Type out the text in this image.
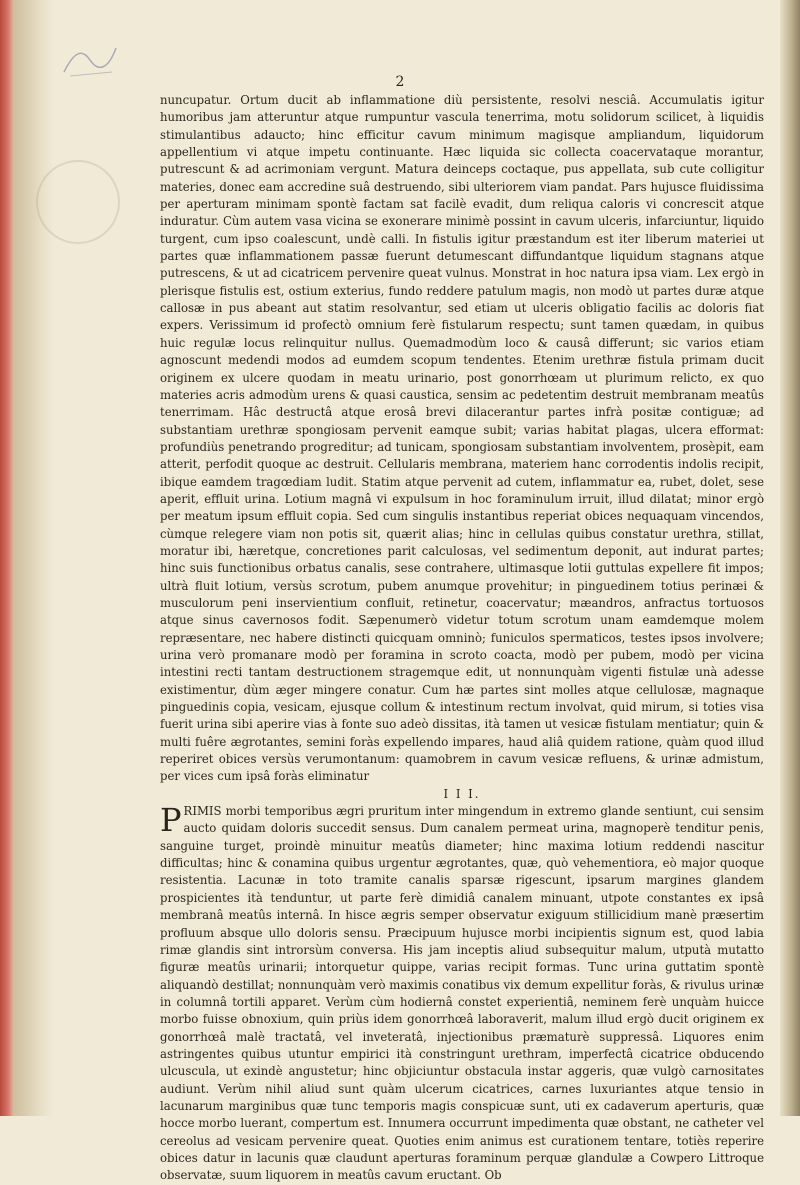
2

nuncupatur. Ortum ducit ab inflammatione diù persistente, resolvi nesciâ. Accumulatis igitur humoribus jam atteruntur atque rumpuntur vascula tenerrima, motu solidorum scilicet, à liquidis stimulantibus adaucto; hinc efficitur cavum minimum magisque ampliandum, liquidorum appellentium vi atque impetu continuante. Hæc liquida sic collecta coacervataque morantur, putrescunt & ad acrimoniam vergunt. Matura deinceps coctaque, pus appellata, sub cute colligitur materies, donec eam accredine suâ destruendo, sibi ulteriorem viam pandat. Pars hujusce fluidissima per aperturam minimam spontè factam sat facilè evadit, dum reliqua caloris vi concrescit atque induratur. Cùm autem vasa vicina se exonerare minimè possint in cavum ulceris, infarciuntur, liquido turgent, cum ipso coalescunt, undè calli. In fistulis igitur præstandum est iter liberum materiei ut partes quæ inflammationem passæ fuerunt detumescant diffundantque liquidum stagnans atque putrescens, & ut ad cicatricem pervenire queat vulnus. Monstrat in hoc natura ipsa viam. Lex ergò in plerisque fistulis est, ostium exterius, fundo reddere patulum magis, non modò ut partes duræ atque callosæ in pus abeant aut statim resolvantur, sed etiam ut ulceris obligatio facilis ac doloris fiat expers. Verissimum id profectò omnium ferè fistularum respectu; sunt tamen quædam, in quibus huic regulæ locus relinquitur nullus. Quemadmodùm loco & causâ differunt; sic varios etiam agnoscunt medendi modos ad eumdem scopum tendentes. Etenim urethræ fistula primam ducit originem ex ulcere quodam in meatu urinario, post gonorrhœam ut plurimum relicto, ex quo materies acris admodùm urens & quasi caustica, sensim ac pedetentim destruit membranam meatûs tenerrimam. Hâc destructâ atque erosâ brevi dilacerantur partes infrà positæ contiguæ; ad substantiam urethræ spongiosam pervenit eamque subit; varias habitat plagas, ulcera efformat: profundiùs penetrando progreditur; ad tunicam, spongiosam substantiam involventem, prosèpit, eam atterit, perfodit quoque ac destruit. Cellularis membrana, materiem hanc corrodentis indolis recipit, ibique eamdem tragœdiam ludit. Statim atque pervenit ad cutem, inflammatur ea, rubet, dolet, sese aperit, effluit urina. Lotium magnâ vi expulsum in hoc foraminulum irruit, illud dilatat; minor ergò per meatum ipsum effluit copia. Sed cum singulis instantibus reperiat obices nequaquam vincendos, cùmque relegere viam non potis sit, quærit alias; hinc in cellulas quibus constatur urethra, stillat, moratur ibi, hæretque, concretiones parit calculosas, vel sedimentum deponit, aut indurat partes; hinc suis functionibus orbatus canalis, sese contrahere, ultimasque lotii guttulas expellere fit impos; ultrà fluit lotium, versùs scrotum, pubem anumque provehitur; in pinguedinem totius perinæi & musculorum peni inservientium confluit, retinetur, coacervatur; mæandros, anfractus tortuosos atque sinus cavernosos fodit. Sæpenumerò videtur totum scrotum unam eamdemque molem repræsentare, nec habere distincti quicquam omninò; funiculos spermaticos, testes ipsos involvere; urina verò promanare modò per foramina in scroto coacta, modò per pubem, modò per vicina intestini recti tantam destructionem stragemque edit, ut nonnunquàm vigenti fistulæ unà adesse existimentur, dùm æger mingere conatur. Cum hæ partes sint molles atque cellulosæ, magnaque pinguedinis copia, vesicam, ejusque collum & intestinum rectum involvat, quid mirum, si toties visa fuerit urina sibi aperire vias à fonte suo adeò dissitas, ità tamen ut vesicæ fistulam mentiatur; quin & multi fuêre ægrotantes, semini foràs expellendo impares, haud aliâ quidem ratione, quàm quod illud reperiret obices versùs verumontanum: quamobrem in cavum vesicæ refluens, & urinæ admistum, per vices cum ipsâ foràs eliminatur

I I I.

PRIMIS morbi temporibus ægri pruritum inter mingendum in extremo glande sentiunt, cui sensim aucto quidam doloris succedit sensus. Dum canalem permeat urina, magnoperè tenditur penis, sanguine turget, proindè minuitur meatûs diameter; hinc maxima lotium reddendi nascitur difficultas; hinc & conamina quibus urgentur ægrotantes, quæ, quò vehementiora, eò major quoque resistentia. Lacunæ in toto tramite canalis sparsæ rigescunt, ipsarum margines glandem prospicientes ità tenduntur, ut parte ferè dimidiâ canalem minuant, utpote constantes ex ipsâ membranâ meatûs internâ. In hisce ægris semper observatur exiguum stillicidium manè præsertim profluum absque ullo doloris sensu. Præcipuum hujusce morbi incipientis signum est, quod labia rimæ glandis sint introrsùm conversa. His jam inceptis aliud subsequitur malum, utputà mutatto figuræ meatûs urinarii; intorquetur quippe, varias recipit formas. Tunc urina guttatim spontè aliquandò destillat; nonnunquàm verò maximis conatibus vix demum expellitur foràs, & rivulus urinæ in columnâ tortili apparet. Verùm cùm hodiernâ constet experientiâ, neminem ferè unquàm huicce morbo fuisse obnoxium, quin priùs idem gonorrhœâ laboraverit, malum illud ergò ducit originem ex gonorrhœâ malè tractatâ, vel inveteratâ, injectionibus præmaturè suppressâ. Liquores enim astringentes quibus utuntur empirici ità constringunt urethram, imperfectâ cicatrice obducendo ulcuscula, ut exindè angustetur; hinc objiciuntur obstacula instar aggeris, quæ vulgò carnositates audiunt. Verùm nihil aliud sunt quàm ulcerum cicatrices, carnes luxuriantes atque tensio in lacunarum marginibus quæ tunc temporis magis conspicuæ sunt, uti ex cadaverum aperturis, quæ hocce morbo luerant, compertum est. Innumera occurrunt impedimenta quæ obstant, ne catheter vel cereolus ad vesicam pervenire queat. Quoties enim animus est curationem tentare, totiès reperire obices datur in lacunis quæ claudunt aperturas foraminum perquæ glandulæ a Cowpero Littroque observatæ, suum liquorem in meatûs cavum eructant. Ob
